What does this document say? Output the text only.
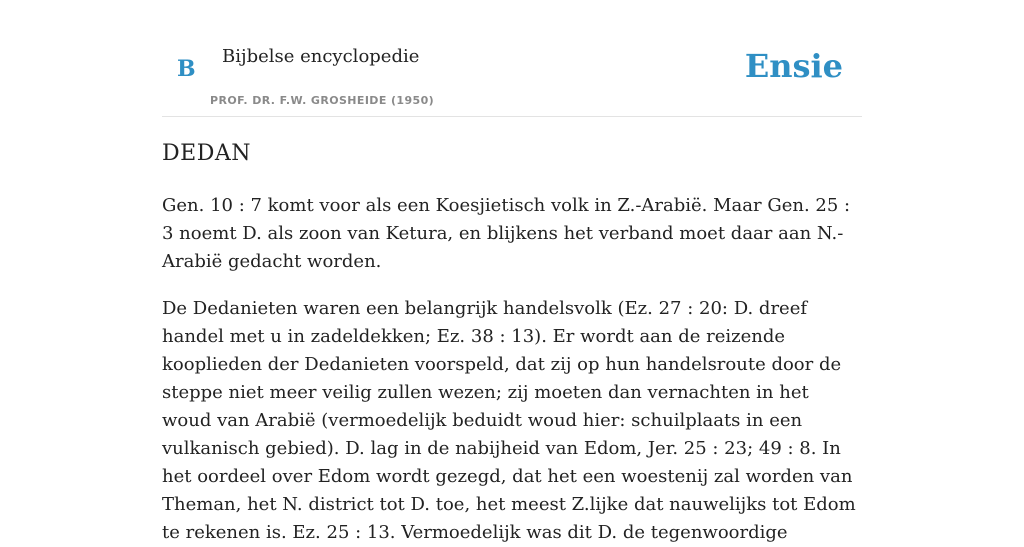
B Bijbelse encyclopedie
PROF. DR. F.W. GROSHEIDE (1950)
Ensie
DEDAN

Gen. 10 : 7 komt voor als een Koesjietisch volk in Z.-Arabië. Maar Gen. 25 : 3 noemt D. als zoon van Ketura, en blijkens het verband moet daar aan N.-Arabië gedacht worden.

De Dedanieten waren een belangrijk handelsvolk (Ez. 27 : 20: D. dreef handel met u in zadeldekken; Ez. 38 : 13). Er wordt aan de reizende kooplieden der Dedanieten voorspeld, dat zij op hun handelsroute door de steppe niet meer veilig zullen wezen; zij moeten dan vernachten in het woud van Arabië (vermoedelijk beduidt woud hier: schuilplaats in een vulkanisch gebied). D. lag in de nabijheid van Edom, Jer. 25 : 23; 49 : 8. In het oordeel over Edom wordt gezegd, dat het een woestenij zal worden van Theman, het N. district tot D. toe, het meest Z.lijke dat nauwelijks tot Edom te rekenen is. Ez. 25 : 13. Vermoedelijk was dit D. de tegenwoordige
